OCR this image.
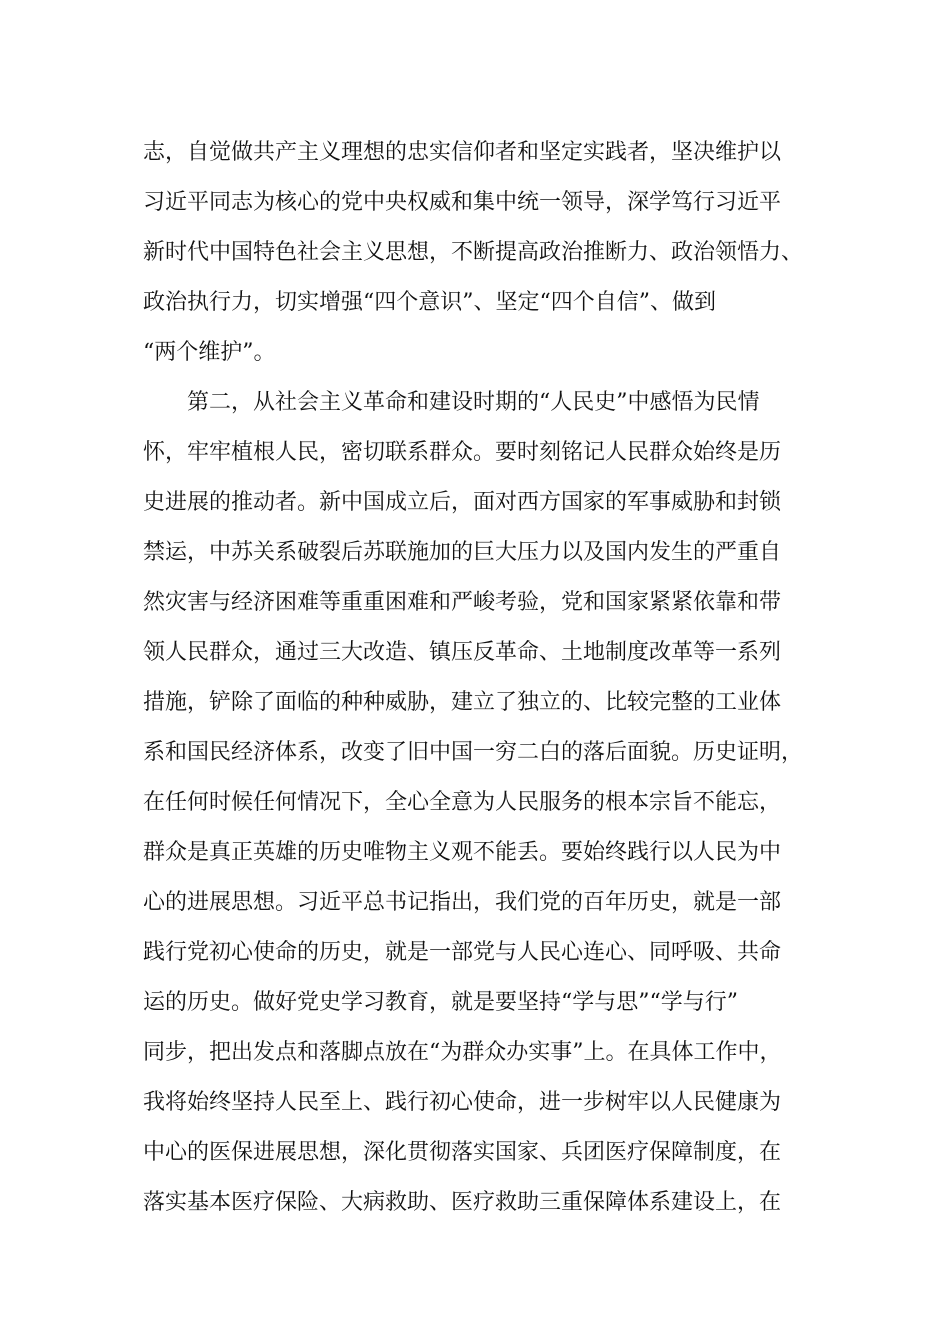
志，自觉做共产主义理想的忠实信仰者和坚定实践者，坚决维护以
习近平同志为核心的党中央权威和集中统一领导，深学笃行习近平
新时代中国特色社会主义思想，不断提高政治推断力、政治领悟力、
政治执行力，切实增强“四个意识”、坚定“四个自信”、做到
“两个维护”。
第二，从社会主义革命和建设时期的“人民史”中感悟为民情
怀，牢牢植根人民，密切联系群众。要时刻铭记人民群众始终是历
史进展的推动者。新中国成立后，面对西方国家的军事威胁和封锁
禁运，中苏关系破裂后苏联施加的巨大压力以及国内发生的严重自
然灾害与经济困难等重重困难和严峻考验，党和国家紧紧依靠和带
领人民群众，通过三大改造、镇压反革命、土地制度改革等一系列
措施，铲除了面临的种种威胁，建立了独立的、比较完整的工业体
系和国民经济体系，改变了旧中国一穷二白的落后面貌。历史证明，
在任何时候任何情况下，全心全意为人民服务的根本宗旨不能忘，
群众是真正英雄的历史唯物主义观不能丢。要始终践行以人民为中
心的进展思想。习近平总书记指出，我们党的百年历史，就是一部
践行党初心使命的历史，就是一部党与人民心连心、同呼吸、共命
运的历史。做好党史学习教育，就是要坚持“学与思”“学与行”
同步，把出发点和落脚点放在“为群众办实事”上。在具体工作中，
我将始终坚持人民至上、践行初心使命，进一步树牢以人民健康为
中心的医保进展思想，深化贯彻落实国家、兵团医疗保障制度，在
落实基本医疗保险、大病救助、医疗救助三重保障体系建设上，在
